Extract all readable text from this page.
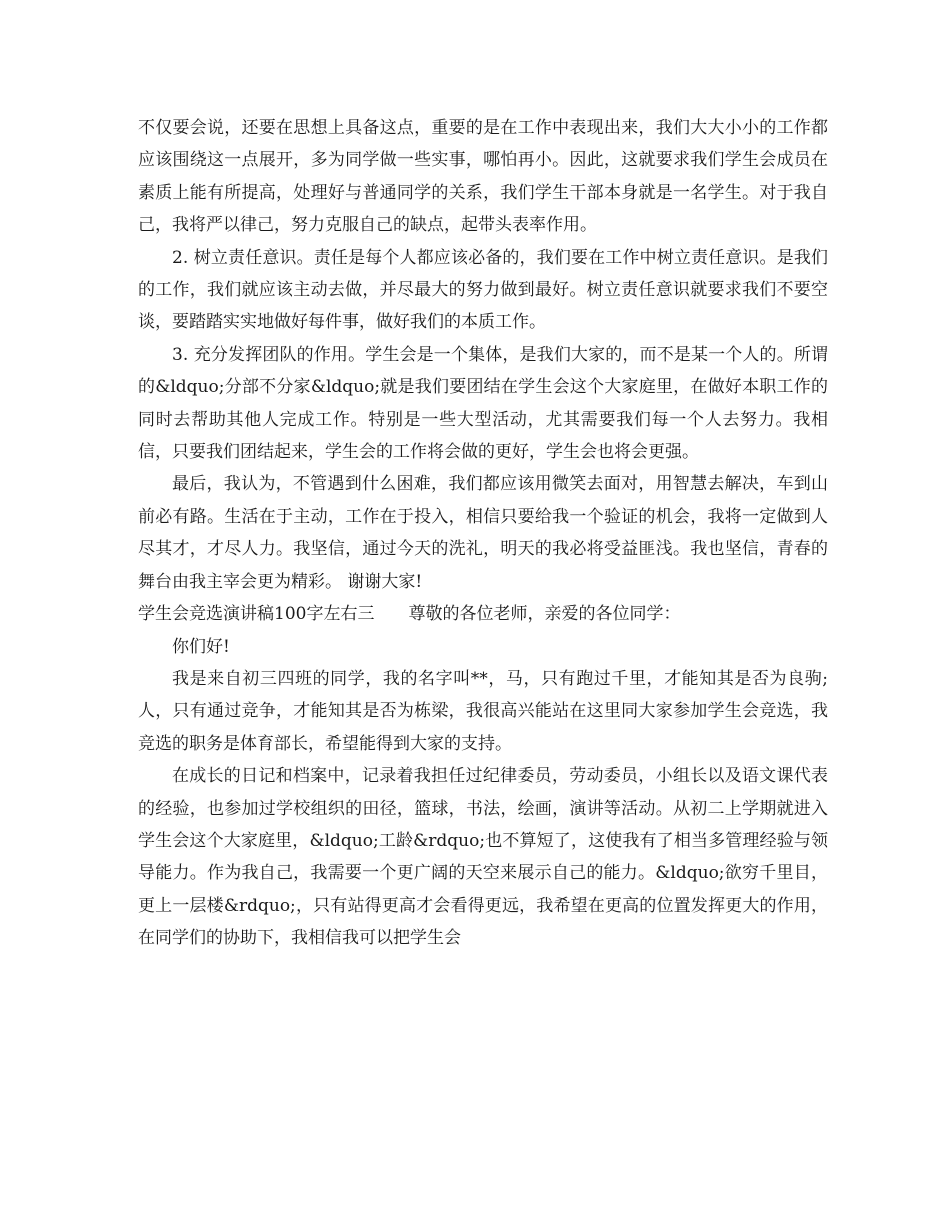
不仅要会说，还要在思想上具备这点，重要的是在工作中表现出来，我们大大小小的工作都应该围绕这一点展开，多为同学做一些实事，哪怕再小。因此，这就要求我们学生会成员在素质上能有所提高，处理好与普通同学的关系，我们学生干部本身就是一名学生。对于我自己，我将严以律己，努力克服自己的缺点，起带头表率作用。

2. 树立责任意识。责任是每个人都应该必备的，我们要在工作中树立责任意识。是我们的工作，我们就应该主动去做，并尽最大的努力做到最好。树立责任意识就要求我们不要空谈，要踏踏实实地做好每件事，做好我们的本质工作。

3. 充分发挥团队的作用。学生会是一个集体，是我们大家的，而不是某一个人的。所谓的&ldquo;分部不分家&ldquo;就是我们要团结在学生会这个大家庭里，在做好本职工作的同时去帮助其他人完成工作。特别是一些大型活动，尤其需要我们每一个人去努力。我相信，只要我们团结起来，学生会的工作将会做的更好，学生会也将会更强。

最后，我认为，不管遇到什么困难，我们都应该用微笑去面对，用智慧去解决，车到山前必有路。生活在于主动，工作在于投入，相信只要给我一个验证的机会，我将一定做到人尽其才，才尽人力。我坚信，通过今天的洗礼，明天的我必将受益匪浅。我也坚信，青春的舞台由我主宰会更为精彩。 谢谢大家!

学生会竞选演讲稿100字左右三 尊敬的各位老师，亲爱的各位同学：

你们好!

我是来自初三四班的同学，我的名字叫**，马，只有跑过千里，才能知其是否为良驹;人，只有通过竞争，才能知其是否为栋梁，我很高兴能站在这里同大家参加学生会竞选，我竞选的职务是体育部长，希望能得到大家的支持。

在成长的日记和档案中，记录着我担任过纪律委员，劳动委员，小组长以及语文课代表的经验，也参加过学校组织的田径，篮球，书法，绘画，演讲等活动。从初二上学期就进入学生会这个大家庭里，&ldquo;工龄&rdquo;也不算短了，这使我有了相当多管理经验与领导能力。作为我自己，我需要一个更广阔的天空来展示自己的能力。&ldquo;欲穷千里目，更上一层楼&rdquo;，只有站得更高才会看得更远，我希望在更高的位置发挥更大的作用，在同学们的协助下，我相信我可以把学生会
